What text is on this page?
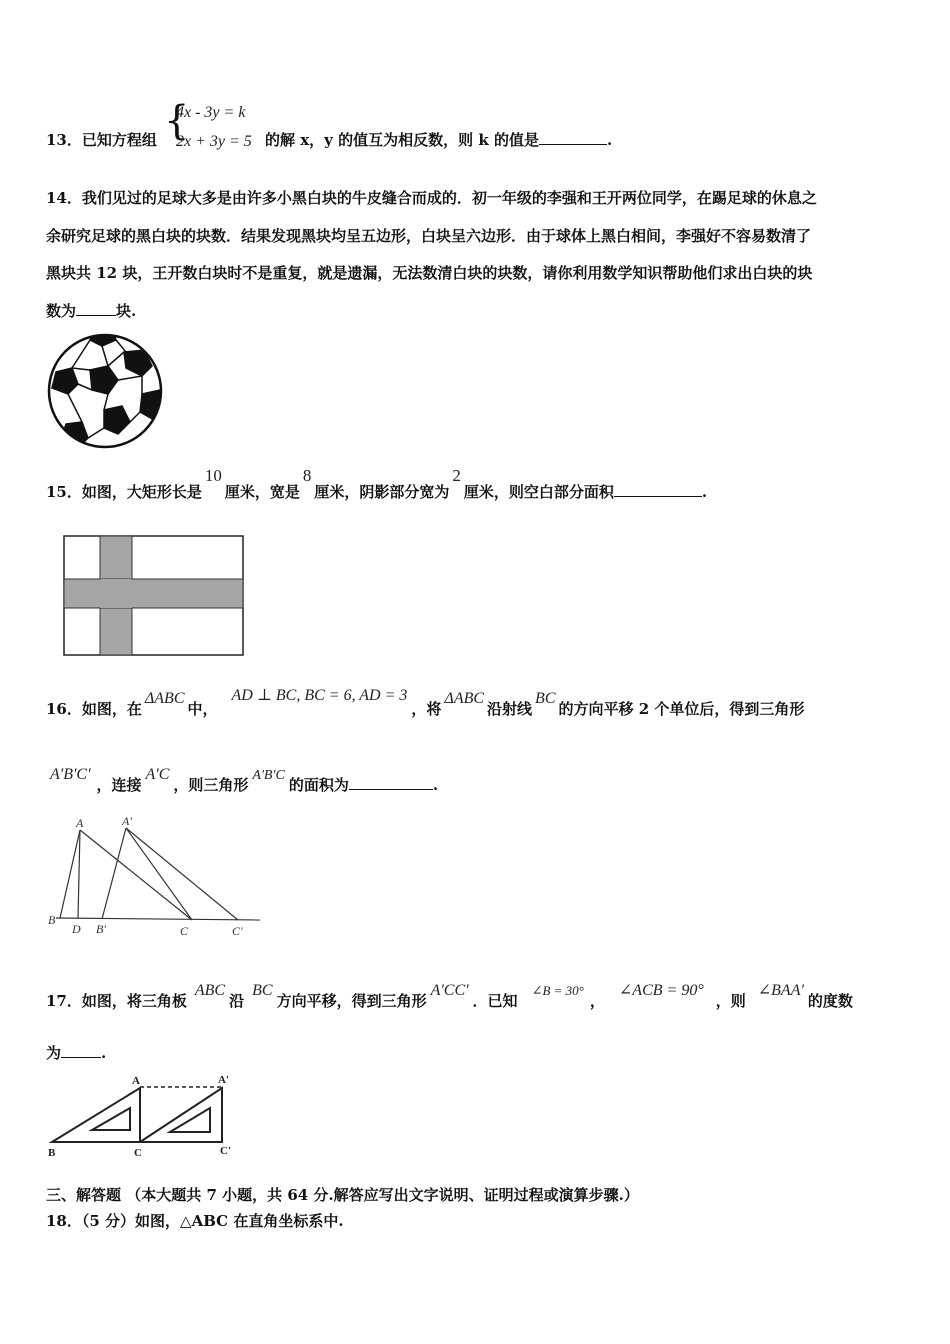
13．已知方程组 {
4x - 3y = k
2x + 3y = 5 的解 x，y 的值互为相反数，则 k 的值是	.
14．我们见过的足球大多是由许多小黑白块的牛皮缝合而成的．初一年级的李强和王开两位同学，在踢足球的休息之
余研究足球的黑白块的块数．结果发现黑块均呈五边形，白块呈六边形．由于球体上黑白相间，李强好不容易数清了
黑块共 12 块，王开数白块时不是重复，就是遗漏，无法数清白块的块数，请你利用数学知识帮助他们求出白块的块
数为	块.
15．如图，大矩形长是10厘米，宽是8厘米，阴影部分宽为2厘米，则空白部分面积	.
16．如图，在ΔABC中，AD ⊥ BC, BC = 6, AD = 3，将ΔABC沿射线BC的方向平移 2 个单位后，得到三角形
A'B'C'，连接A'C，则三角形A'B'C的面积为	.
A	A'
B
D B'	C	C'
17．如图，将三角板ABC沿BC方向平移，得到三角形A'CC'．已知∠B = 30°，∠ACB = 90°，则∠BAA'的度数
为	.
A	A'
B	C	C'
三、解答题 （本大题共 7 小题，共 64 分.解答应写出文字说明、证明过程或演算步骤.）
18．（5 分）如图，△ABC 在直角坐标系中.
